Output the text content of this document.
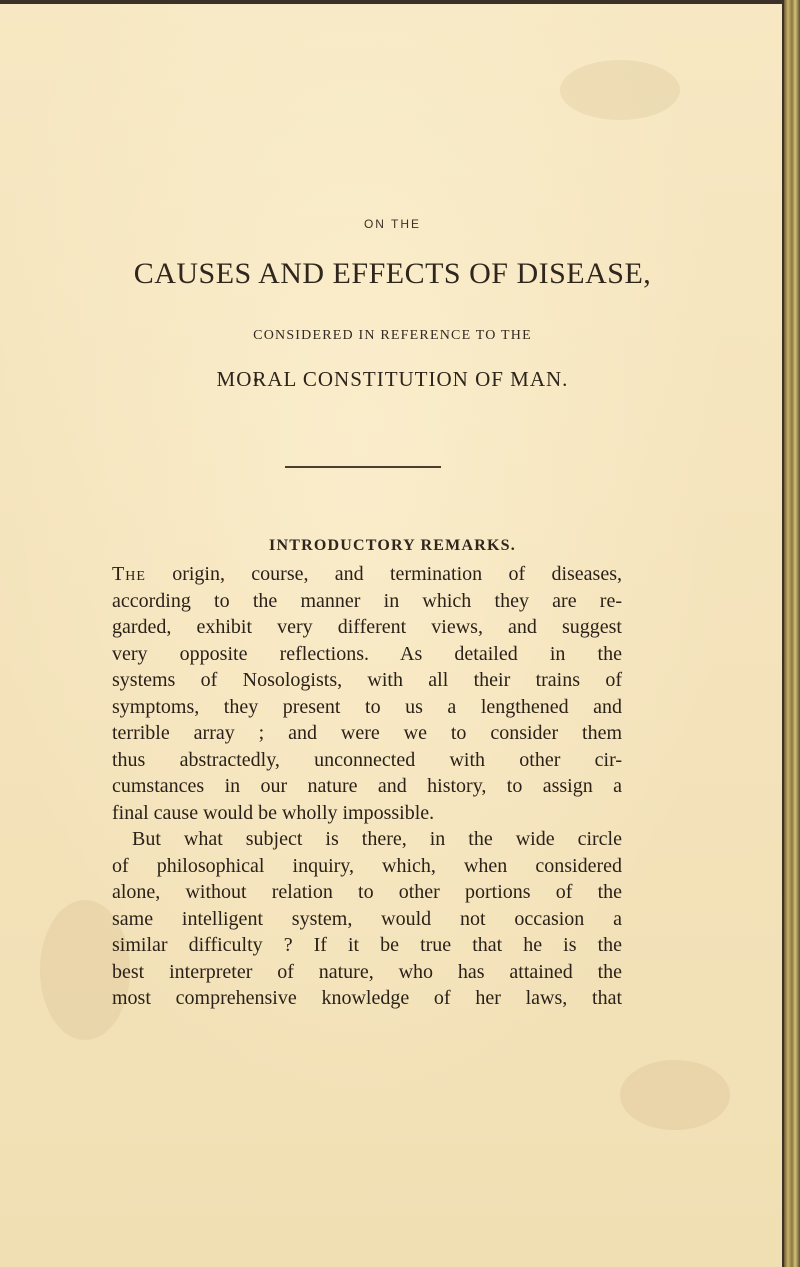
ON THE
CAUSES AND EFFECTS OF DISEASE,
CONSIDERED IN REFERENCE TO THE
MORAL CONSTITUTION OF MAN.
INTRODUCTORY REMARKS.
The origin, course, and termination of diseases,
according to the manner in which they are re-
garded, exhibit very different views, and suggest
very opposite reflections. As detailed in the
systems of Nosologists, with all their trains of
symptoms, they present to us a lengthened and
terrible array ; and were we to consider them
thus abstractedly, unconnected with other cir-
cumstances in our nature and history, to assign a
final cause would be wholly impossible.
But what subject is there, in the wide circle
of philosophical inquiry, which, when considered
alone, without relation to other portions of the
same intelligent system, would not occasion a
similar difficulty ? If it be true that he is the
best interpreter of nature, who has attained the
most comprehensive knowledge of her laws, that
